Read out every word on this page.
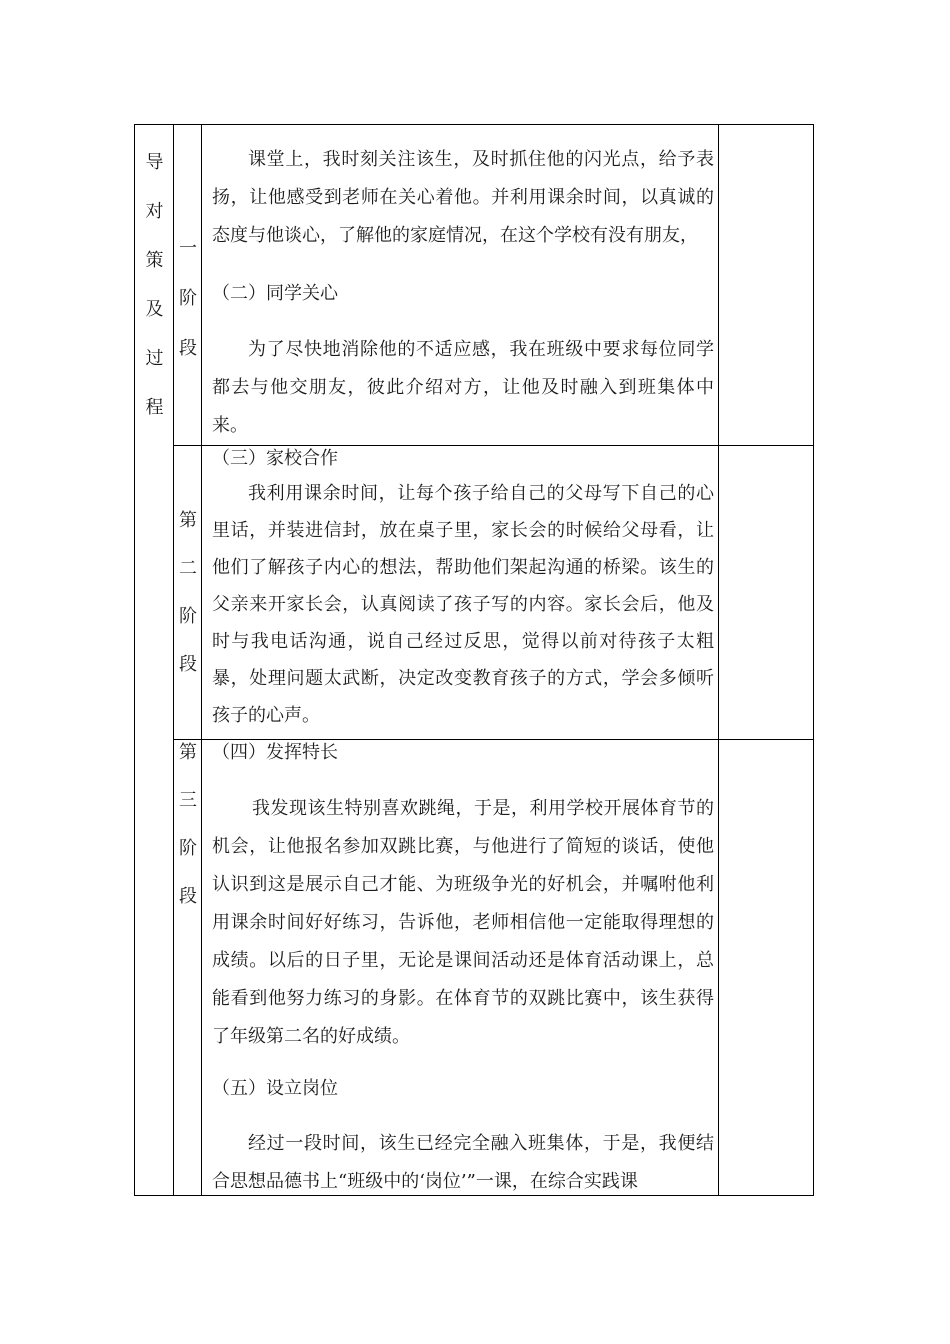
导
对
策
及
过
程
一
阶
段
第
二
阶
段
第
三
阶
段

课堂上，我时刻关注该生，及时抓住他的闪光点，给予表扬，让他感受到老师在关心着他。并利用课余时间，以真诚的态度与他谈心，了解他的家庭情况，在这个学校有没有朋友，

（二）同学关心

为了尽快地消除他的不适应感，我在班级中要求每位同学都去与他交朋友，彼此介绍对方，让他及时融入到班集体中来。

（三）家校合作

我利用课余时间，让每个孩子给自己的父母写下自己的心里话，并装进信封，放在桌子里，家长会的时候给父母看，让他们了解孩子内心的想法，帮助他们架起沟通的桥梁。该生的父亲来开家长会，认真阅读了孩子写的内容。家长会后，他及时与我电话沟通，说自己经过反思，觉得以前对待孩子太粗暴，处理问题太武断，决定改变教育孩子的方式，学会多倾听孩子的心声。

（四）发挥特长

我发现该生特别喜欢跳绳，于是，利用学校开展体育节的机会，让他报名参加双跳比赛，与他进行了简短的谈话，使他认识到这是展示自己才能、为班级争光的好机会，并嘱咐他利用课余时间好好练习，告诉他，老师相信他一定能取得理想的成绩。以后的日子里，无论是课间活动还是体育活动课上，总能看到他努力练习的身影。在体育节的双跳比赛中，该生获得了年级第二名的好成绩。

（五）设立岗位

经过一段时间，该生已经完全融入班集体，于是，我便结合思想品德书上“班级中的‘岗位’”一课，在综合实践课
